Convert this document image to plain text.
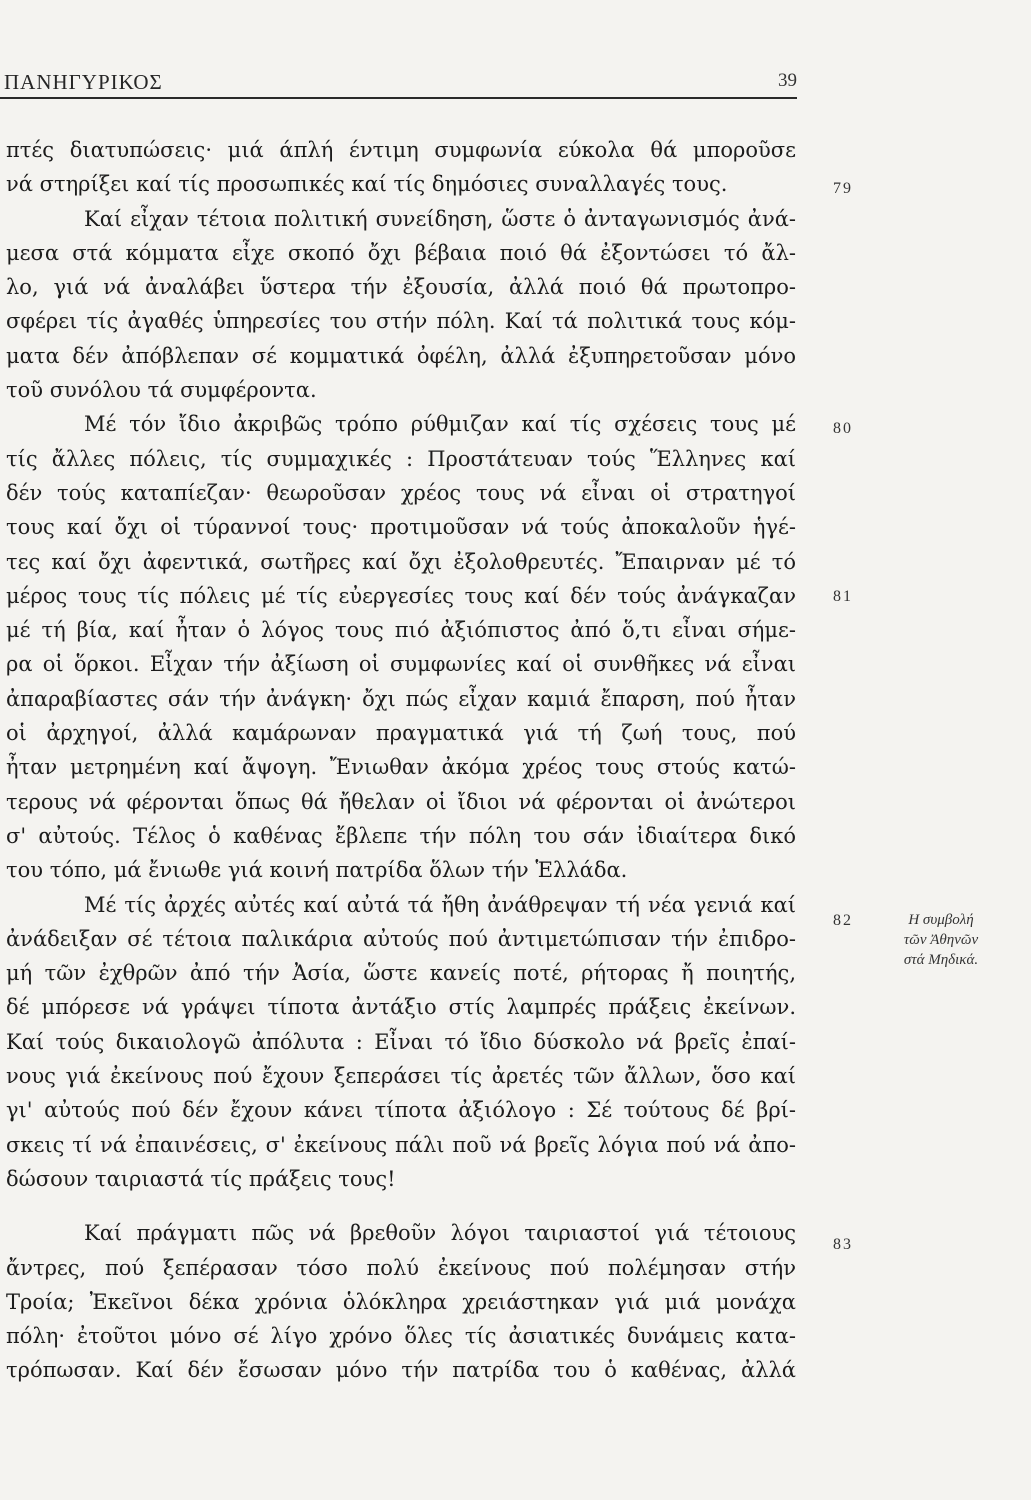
ΠΑΝΗΓΥΡΙΚΟΣ	39
πτές διατυπώσεις· μιά άπλή έντιμη συμφωνία εύκολα θά μποροῦσε
νά στηρίξει καί τίς προσωπικές καί τίς δημόσιες συναλλαγές τους.
Καί εἶχαν τέτοια πολιτική συνείδηση, ὥστε ὁ ἀνταγωνισμός ἀνά-
μεσα στά κόμματα εἶχε σκοπό ὄχι βέβαια ποιό θά ἐξοντώσει τό ἄλ-
λο, γιά νά ἀναλάβει ὕστερα τήν ἐξουσία, ἀλλά ποιό θά πρωτοπρο-
σφέρει τίς ἀγαθές ὑπηρεσίες του στήν πόλη. Καί τά πολιτικά τους κόμ-
ματα δέν ἀπόβλεπαν σέ κομματικά ὀφέλη, ἀλλά ἐξυπηρετοῦσαν μόνο
τοῦ συνόλου τά συμφέροντα.
Μέ τόν ἴδιο ἀκριβῶς τρόπο ρύθμιζαν καί τίς σχέσεις τους μέ
τίς ἄλλες πόλεις, τίς συμμαχικές : Προστάτευαν τούς Ἕλληνες καί
δέν τούς καταπίεζαν· θεωροῦσαν χρέος τους νά εἶναι οἱ στρατηγοί
τους καί ὄχι οἱ τύραννοί τους· προτιμοῦσαν νά τούς ἀποκαλοῦν ἡγέ-
τες καί ὄχι ἀφεντικά, σωτῆρες καί ὄχι ἐξολοθρευτές. Ἔπαιρναν μέ τό
μέρος τους τίς πόλεις μέ τίς εὐεργεσίες τους καί δέν τούς ἀνάγκαζαν
μέ τή βία, καί ἦταν ὁ λόγος τους πιό ἀξιόπιστος ἀπό ὅ,τι εἶναι σήμε-
ρα οἱ ὅρκοι. Εἶχαν τήν ἀξίωση οἱ συμφωνίες καί οἱ συνθῆκες νά εἶναι
ἀπαραβίαστες σάν τήν ἀνάγκη· ὄχι πώς εἶχαν καμιά ἔπαρση, πού ἦταν
οἱ ἀρχηγοί, ἀλλά καμάρωναν πραγματικά γιά τή ζωή τους, πού
ἦταν μετρημένη καί ἄψογη. Ἔνιωθαν ἀκόμα χρέος τους στούς κατώ-
τερους νά φέρονται ὅπως θά ἤθελαν οἱ ἴδιοι νά φέρονται οἱ ἀνώτεροι
σ' αὐτούς. Τέλος ὁ καθένας ἔβλεπε τήν πόλη του σάν ἰδιαίτερα δικό
του τόπο, μά ἔνιωθε γιά κοινή πατρίδα ὅλων τήν Ἑλλάδα.
Μέ τίς ἀρχές αὐτές καί αὐτά τά ἤθη ἀνάθρεψαν τή νέα γενιά καί
ἀνάδειξαν σέ τέτοια παλικάρια αὐτούς πού ἀντιμετώπισαν τήν ἐπιδρο-
μή τῶν ἐχθρῶν ἀπό τήν Ἀσία, ὥστε κανείς ποτέ, ρήτορας ἤ ποιητής,
δέ μπόρεσε νά γράψει τίποτα ἀντάξιο στίς λαμπρές πράξεις ἐκείνων.
Καί τούς δικαιολογῶ ἀπόλυτα : Εἶναι τό ἴδιο δύσκολο νά βρεῖς ἐπαί-
νους γιά ἐκείνους πού ἔχουν ξεπεράσει τίς ἀρετές τῶν ἄλλων, ὅσο καί
γι' αὐτούς πού δέν ἔχουν κάνει τίποτα ἀξιόλογο : Σέ τούτους δέ βρί-
σκεις τί νά ἐπαινέσεις, σ' ἐκείνους πάλι ποῦ νά βρεῖς λόγια πού νά ἀπο-
δώσουν ταιριαστά τίς πράξεις τους!
Καί πράγματι πῶς νά βρεθοῦν λόγοι ταιριαστοί γιά τέτοιους
ἄντρες, πού ξεπέρασαν τόσο πολύ ἐκείνους πού πολέμησαν στήν
Τροία; Ἐκεῖνοι δέκα χρόνια ὁλόκληρα χρειάστηκαν γιά μιά μονάχα
πόλη· ἐτοῦτοι μόνο σέ λίγο χρόνο ὅλες τίς ἀσιατικές δυνάμεις κατα-
τρόπωσαν. Καί δέν ἔσωσαν μόνο τήν πατρίδα του ὁ καθένας, ἀλλά
79
80
81
82
83
Η συμβολή
τῶν Ἀθηνῶν
στά Μηδικά.
